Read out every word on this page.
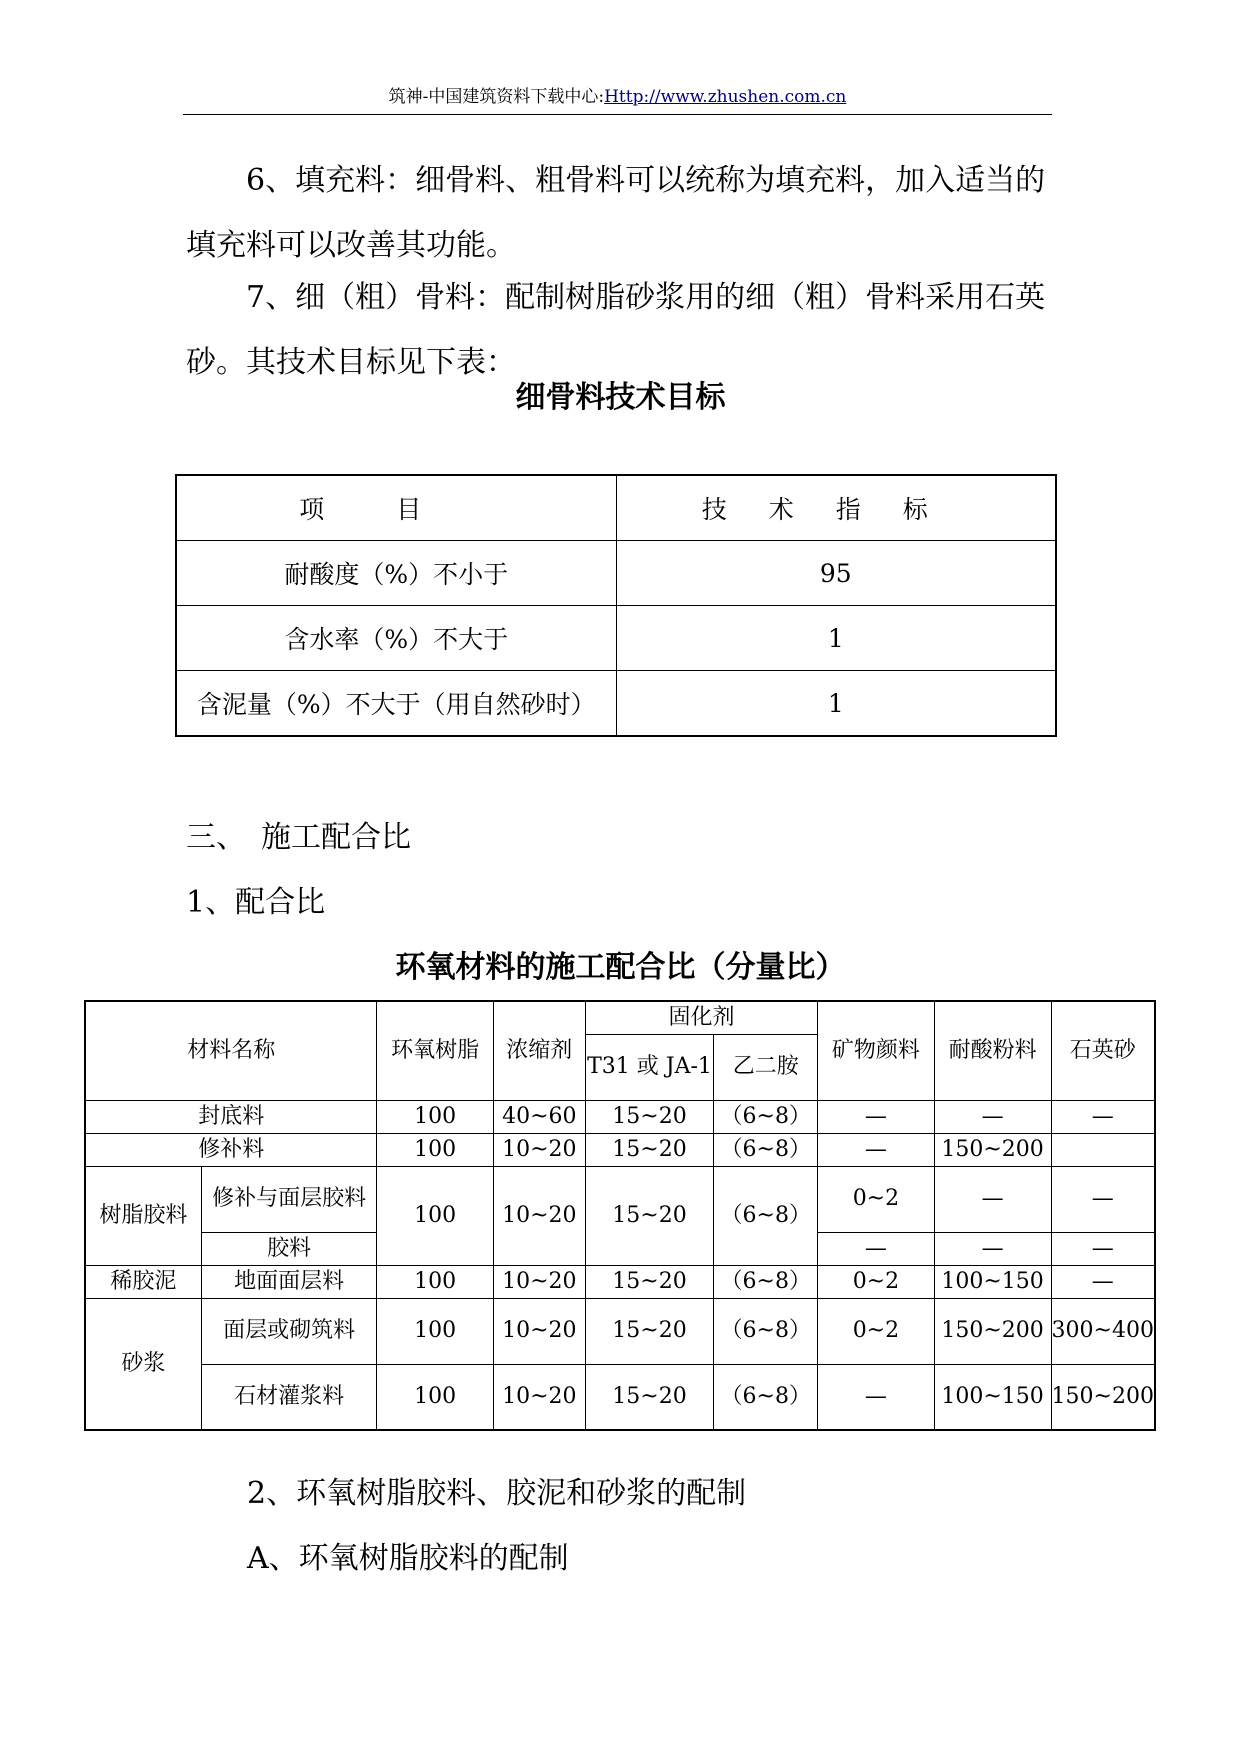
筑神-中国建筑资料下载中心:Http://www.zhushen.com.cn

6、填充料：细骨料、粗骨料可以统称为填充料，加入适当的填充料可以改善其功能。

7、细（粗）骨料：配制树脂砂浆用的细（粗）骨料采用石英砂。其技术目标见下表：

细骨料技术目标

项目	技术指标
耐酸度（%）不小于	95
含水率（%）不大于	1
含泥量（%）不大于（用自然砂时）	1

三、　施工配合比

1、配合比

环氧材料的施工配合比（分量比）

材料名称		环氧树脂	浓缩剂	固化剂		矿物颜料	耐酸粉料	石英砂
				T31 或 JA-1	乙二胺			
封底料		100	40~60	15~20	（6~8）	—	—	—
修补料		100	10~20	15~20	（6~8）	—	150~200	
树脂胶料	修补与面层胶料	100	10~20	15~20	（6~8）	0~2	—	—
	胶料					—	—	—
稀胶泥	地面面层料	100	10~20	15~20	（6~8）	0~2	100~150	—
砂浆	面层或砌筑料	100	10~20	15~20	（6~8）	0~2	150~200	300~400
	石材灌浆料	100	10~20	15~20	（6~8）	—	100~150	150~200

2、环氧树脂胶料、胶泥和砂浆的配制

A、环氧树脂胶料的配制
